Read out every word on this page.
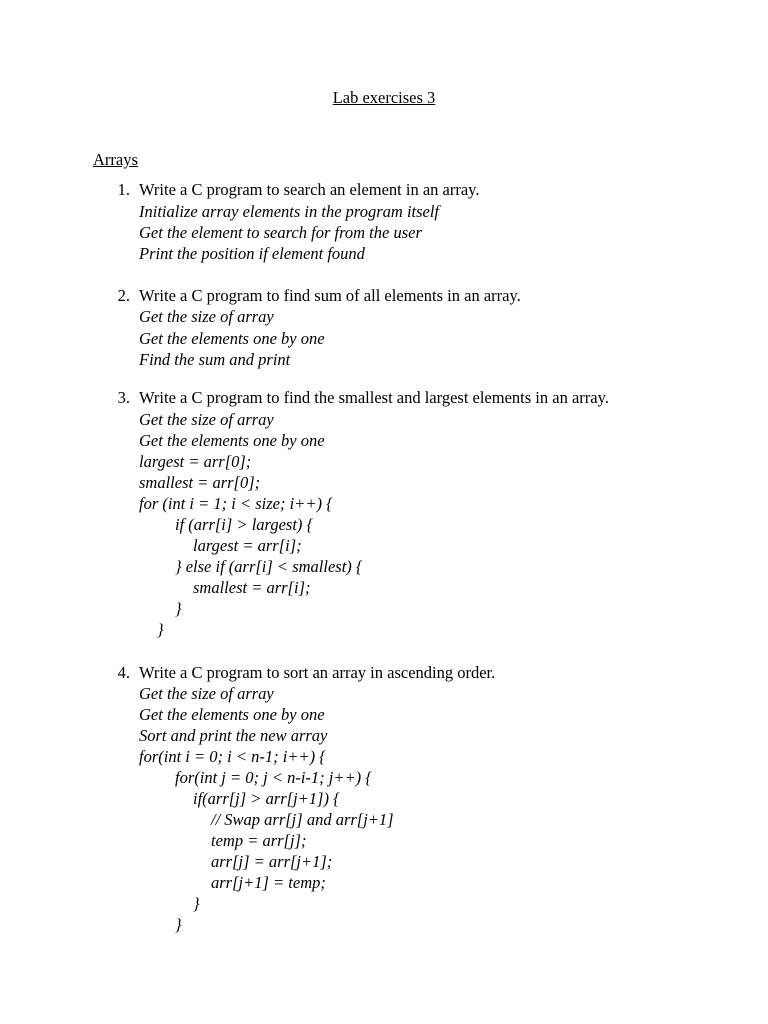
Lab exercises 3
Arrays
1. Write a C program to search an element in an array.
Initialize array elements in the program itself
Get the element to search for from the user
Print the position if element found
2. Write a C program to find sum of all elements in an array.
Get the size of array
Get the elements one by one
Find the sum and print
3. Write a C program to find the smallest and largest elements in an array.
Get the size of array
Get the elements one by one
largest = arr[0];
smallest = arr[0];
for (int i = 1; i < size; i++) {
if (arr[i] > largest) {
largest = arr[i];
} else if (arr[i] < smallest) {
smallest = arr[i];
}
}
4. Write a C program to sort an array in ascending order.
Get the size of array
Get the elements one by one
Sort and print the new array
for(int i = 0; i < n-1; i++) {
for(int j = 0; j < n-i-1; j++) {
if(arr[j] > arr[j+1]) {
// Swap arr[j] and arr[j+1]
temp = arr[j];
arr[j] = arr[j+1];
arr[j+1] = temp;
}
}
